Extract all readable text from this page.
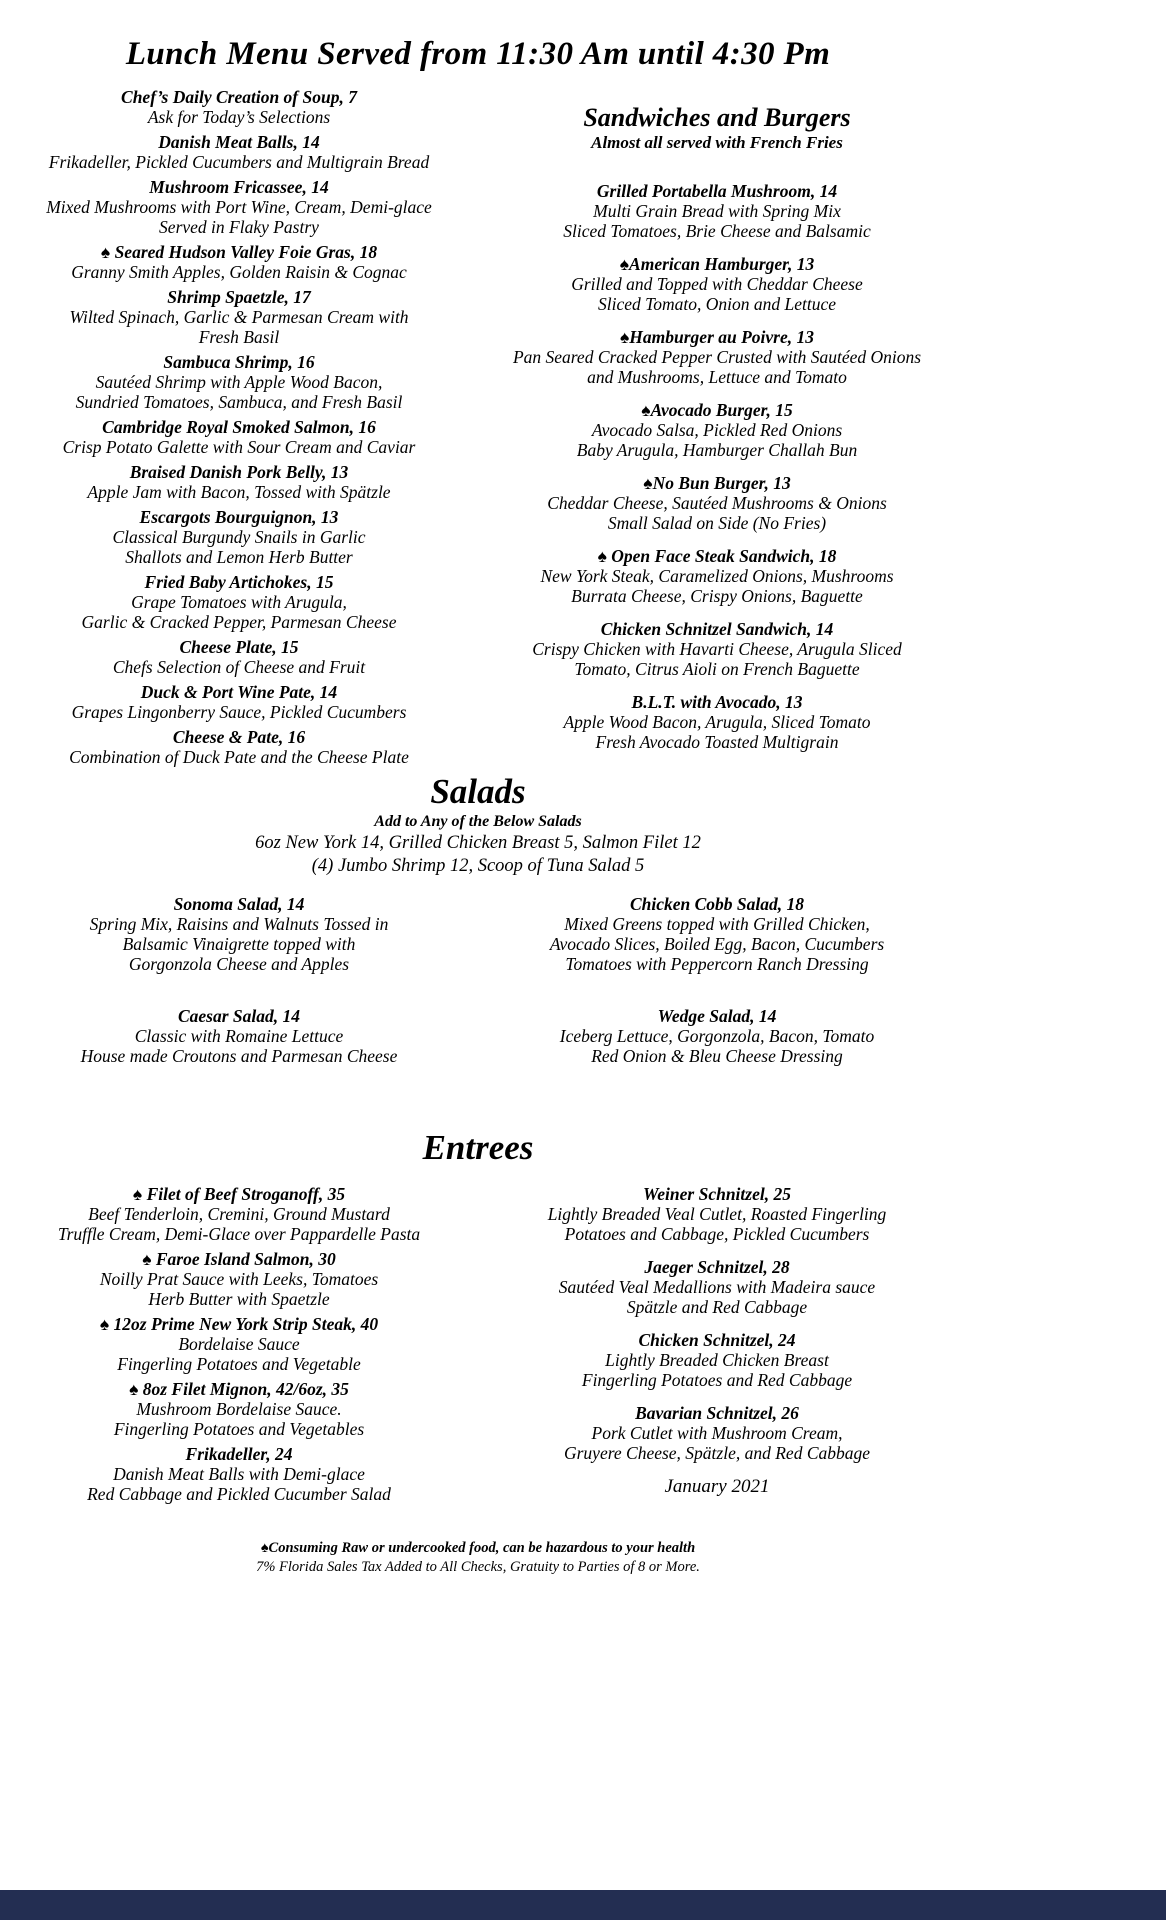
Lunch Menu Served from 11:30 Am until 4:30 Pm
Chef’s Daily Creation of Soup, 7
Ask for Today’s Selections
Danish Meat Balls, 14
Frikadeller, Pickled Cucumbers and Multigrain Bread
Mushroom Fricassee, 14
Mixed Mushrooms with Port Wine, Cream, Demi-glace
Served in Flaky Pastry
♠ Seared Hudson Valley Foie Gras, 18
Granny Smith Apples, Golden Raisin & Cognac
Shrimp Spaetzle, 17
Wilted Spinach, Garlic & Parmesan Cream with
Fresh Basil
Sambuca Shrimp, 16
Sautéed Shrimp with Apple Wood Bacon,
Sundried Tomatoes, Sambuca, and Fresh Basil
Cambridge Royal Smoked Salmon, 16
Crisp Potato Galette with Sour Cream and Caviar
Braised Danish Pork Belly, 13
Apple Jam with Bacon, Tossed with Spätzle
Escargots Bourguignon, 13
Classical Burgundy Snails in Garlic
Shallots and Lemon Herb Butter
Fried Baby Artichokes, 15
Grape Tomatoes with Arugula,
Garlic & Cracked Pepper, Parmesan Cheese
Cheese Plate, 15
Chefs Selection of Cheese and Fruit
Duck & Port Wine Pate, 14
Grapes Lingonberry Sauce, Pickled Cucumbers
Cheese & Pate, 16
Combination of Duck Pate and the Cheese Plate
Sandwiches and Burgers
Almost all served with French Fries
Grilled Portabella Mushroom, 14
Multi Grain Bread with Spring Mix
Sliced Tomatoes, Brie Cheese and Balsamic
♠American Hamburger, 13
Grilled and Topped with Cheddar Cheese
Sliced Tomato, Onion and Lettuce
♠Hamburger au Poivre, 13
Pan Seared Cracked Pepper Crusted with Sautéed Onions
and Mushrooms, Lettuce and Tomato
♠Avocado Burger, 15
Avocado Salsa, Pickled Red Onions
Baby Arugula, Hamburger Challah Bun
♠No Bun Burger, 13
Cheddar Cheese, Sautéed Mushrooms & Onions
Small Salad on Side (No Fries)
♠ Open Face Steak Sandwich, 18
New York Steak, Caramelized Onions, Mushrooms
Burrata Cheese, Crispy Onions, Baguette
Chicken Schnitzel Sandwich, 14
Crispy Chicken with Havarti Cheese, Arugula Sliced
Tomato, Citrus Aioli on French Baguette
B.L.T. with Avocado, 13
Apple Wood Bacon, Arugula, Sliced Tomato
Fresh Avocado Toasted Multigrain
Salads
Add to Any of the Below Salads
6oz New York 14, Grilled Chicken Breast 5, Salmon Filet 12
(4) Jumbo Shrimp 12, Scoop of Tuna Salad 5
Sonoma Salad, 14
Spring Mix, Raisins and Walnuts Tossed in
Balsamic Vinaigrette topped with
Gorgonzola Cheese and Apples
Caesar Salad, 14
Classic with Romaine Lettuce
House made Croutons and Parmesan Cheese
Chicken Cobb Salad, 18
Mixed Greens topped with Grilled Chicken,
Avocado Slices, Boiled Egg, Bacon, Cucumbers
Tomatoes with Peppercorn Ranch Dressing
Wedge Salad, 14
Iceberg Lettuce, Gorgonzola, Bacon, Tomato
Red Onion & Bleu Cheese Dressing
Entrees
♠ Filet of Beef Stroganoff, 35
Beef Tenderloin, Cremini, Ground Mustard
Truffle Cream, Demi-Glace over Pappardelle Pasta
♠ Faroe Island Salmon, 30
Noilly Prat Sauce with Leeks, Tomatoes
Herb Butter with Spaetzle
♠ 12oz Prime New York Strip Steak, 40
Bordelaise Sauce
Fingerling Potatoes and Vegetable
♠ 8oz Filet Mignon, 42/6oz, 35
Mushroom Bordelaise Sauce.
Fingerling Potatoes and Vegetables
Frikadeller, 24
Danish Meat Balls with Demi-glace
Red Cabbage and Pickled Cucumber Salad
Weiner Schnitzel, 25
Lightly Breaded Veal Cutlet, Roasted Fingerling
Potatoes and Cabbage, Pickled Cucumbers
Jaeger Schnitzel, 28
Sautéed Veal Medallions with Madeira sauce
Spätzle and Red Cabbage
Chicken Schnitzel, 24
Lightly Breaded Chicken Breast
Fingerling Potatoes and Red Cabbage
Bavarian Schnitzel, 26
Pork Cutlet with Mushroom Cream,
Gruyere Cheese, Spätzle, and Red Cabbage
January 2021
♠Consuming Raw or undercooked food, can be hazardous to your health
7% Florida Sales Tax Added to All Checks, Gratuity to Parties of 8 or More.
